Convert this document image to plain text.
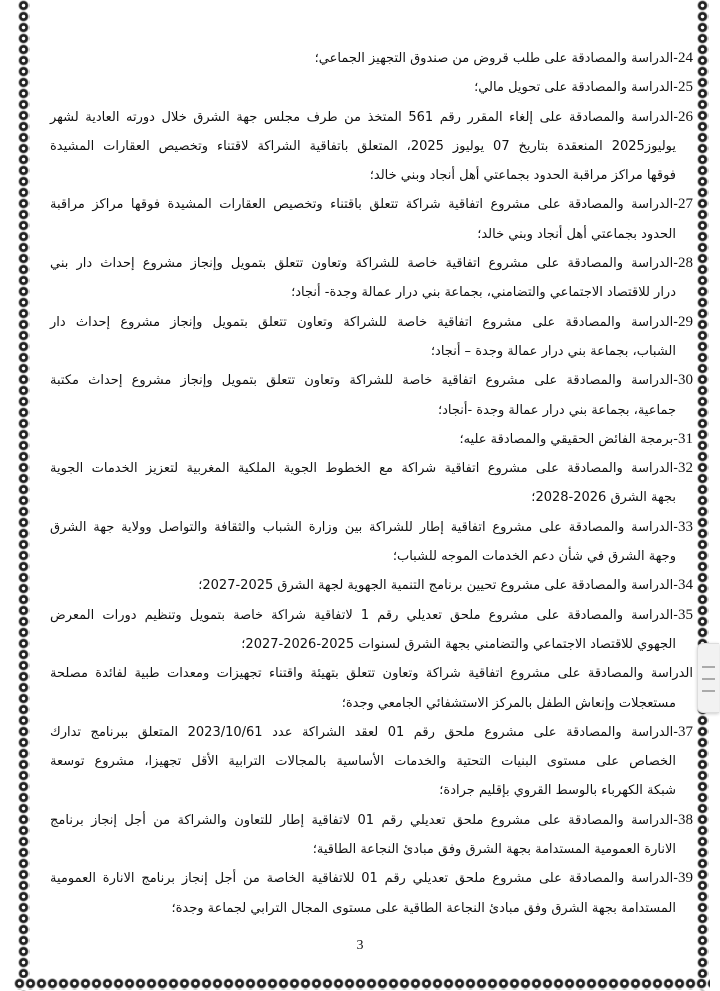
24-الدراسة والمصادقة على طلب قروض من صندوق التجهيز الجماعي؛
25-الدراسة والمصادقة على تحويل مالي؛
26-الدراسة والمصادقة على إلغاء المقرر رقم 561 المتخذ من طرف مجلس جهة الشرق خلال دورته العادية لشهر
يوليوز2025 المنعقدة بتاريخ 07 يوليوز 2025، المتعلق باتفاقية الشراكة لاقتناء وتخصيص العقارات المشيدة
فوقها مراكز مراقبة الحدود بجماعتي أهل أنجاد وبني خالد؛
27-الدراسة والمصادقة على مشروع اتفاقية شراكة تتعلق باقتناء وتخصيص العقارات المشيدة فوقها مراكز مراقبة
الحدود بجماعتي أهل أنجاد وبني خالد؛
28-الدراسة والمصادقة على مشروع اتفاقية خاصة للشراكة وتعاون تتعلق بتمويل وإنجاز مشروع إحداث دار بني
درار للاقتصاد الاجتماعي والتضامني، بجماعة بني درار عمالة وجدة- أنجاد؛
29-الدراسة والمصادقة على مشروع اتفاقية خاصة للشراكة وتعاون تتعلق بتمويل وإنجاز مشروع إحداث دار
الشباب، بجماعة بني درار عمالة وجدة – أنجاد؛
30-الدراسة والمصادقة على مشروع اتفاقية خاصة للشراكة وتعاون تتعلق بتمويل وإنجاز مشروع إحداث مكتبة
جماعية، بجماعة بني درار عمالة وجدة -أنجاد؛
31-برمجة الفائض الحقيقي والمصادقة عليه؛
32-الدراسة والمصادقة على مشروع اتفاقية شراكة مع الخطوط الجوية الملكية المغربية لتعزيز الخدمات الجوية
بجهة الشرق 2026-2028؛
33-الدراسة والمصادقة على مشروع اتفاقية إطار للشراكة بين وزارة الشباب والثقافة والتواصل وولاية جهة الشرق
وجهة الشرق في شأن دعم الخدمات الموجه للشباب؛
34-الدراسة والمصادقة على مشروع تحيين برنامج التنمية الجهوية لجهة الشرق 2025-2027؛
35-الدراسة والمصادقة على مشروع ملحق تعديلي رقم 1 لاتفاقية شراكة خاصة بتمويل وتنظيم دورات المعرض
الجهوي للاقتصاد الاجتماعي والتضامني بجهة الشرق لسنوات 2025-2026-2027؛
الدراسة والمصادقة على مشروع اتفاقية شراكة وتعاون تتعلق بتهيئة واقتناء تجهيزات ومعدات طبية لفائدة مصلحة
مستعجلات وإنعاش الطفل بالمركز الاستشفائي الجامعي وجدة؛
37-الدراسة والمصادقة على مشروع ملحق رقم 01 لعقد الشراكة عدد 2023/10/61 المتعلق ببرنامج تدارك
الخصاص على مستوى البنيات التحتية والخدمات الأساسية بالمجالات الترابية الأقل تجهيزا، مشروع توسعة
شبكة الكهرباء بالوسط القروي بإقليم جرادة؛
38-الدراسة والمصادقة على مشروع ملحق تعديلي رقم 01 لاتفاقية إطار للتعاون والشراكة من أجل إنجاز برنامج
الانارة العمومية المستدامة بجهة الشرق وفق مبادئ النجاعة الطاقية؛
39-الدراسة والمصادقة على مشروع ملحق تعديلي رقم 01 للاتفاقية الخاصة من أجل إنجاز برنامج الانارة العمومية
المستدامة بجهة الشرق وفق مبادئ النجاعة الطاقية على مستوى المجال الترابي لجماعة وجدة؛
3
